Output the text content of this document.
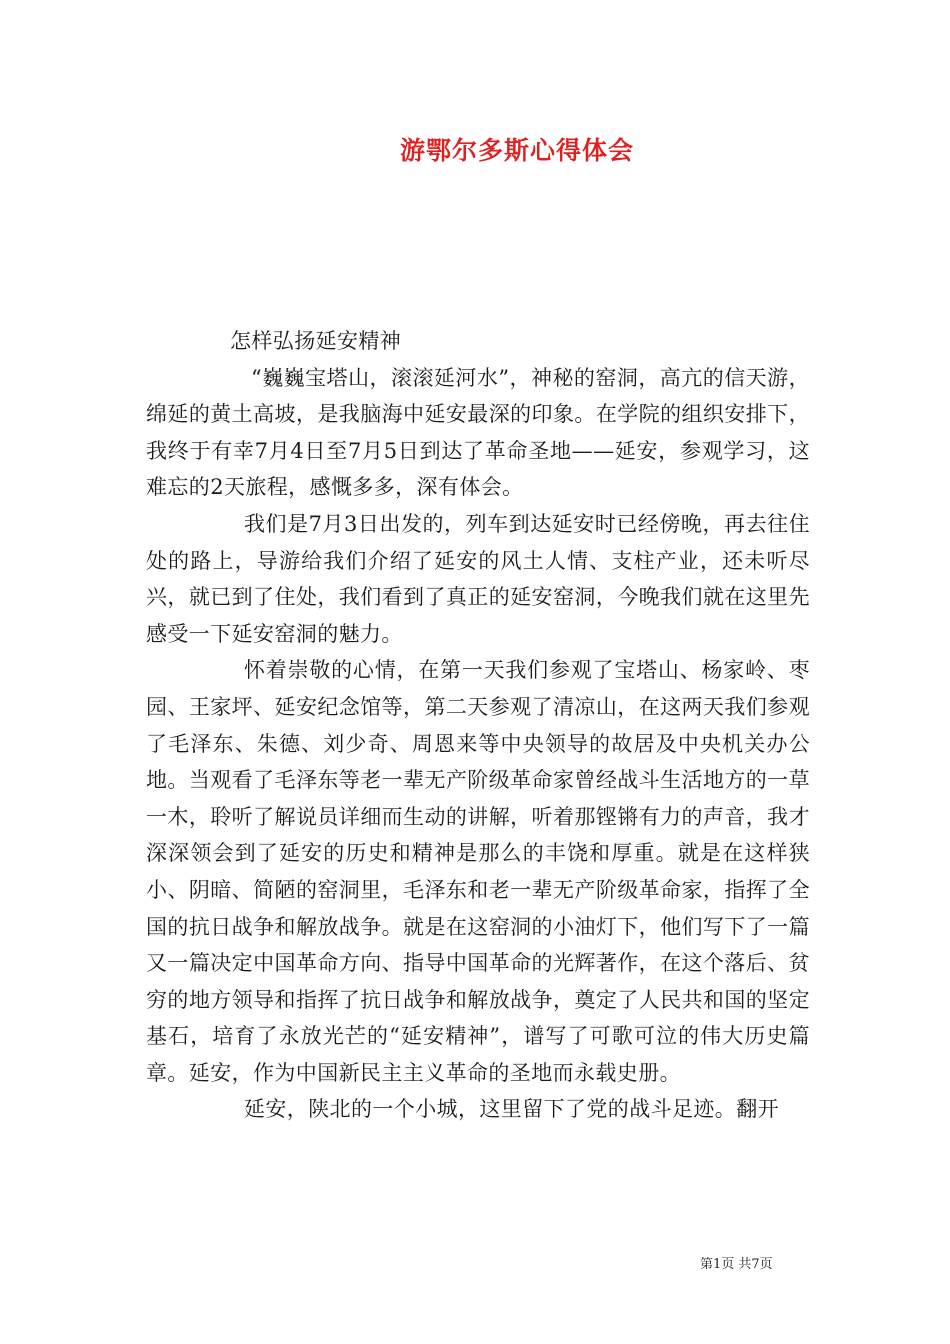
游鄂尔多斯心得体会

怎样弘扬延安精神

“巍巍宝塔山，滚滚延河水”，神秘的窑洞，高亢的信天游，绵延的黄土高坡，是我脑海中延安最深的印象。在学院的组织安排下，我终于有幸7月4日至7月5日到达了革命圣地——延安，参观学习，这难忘的2天旅程，感慨多多，深有体会。

我们是7月3日出发的，列车到达延安时已经傍晚，再去往住处的路上，导游给我们介绍了延安的风土人情、支柱产业，还未听尽兴，就已到了住处，我们看到了真正的延安窑洞，今晚我们就在这里先感受一下延安窑洞的魅力。

怀着崇敬的心情，在第一天我们参观了宝塔山、杨家岭、枣园、王家坪、延安纪念馆等，第二天参观了清凉山，在这两天我们参观了毛泽东、朱德、刘少奇、周恩来等中央领导的故居及中央机关办公地。当观看了毛泽东等老一辈无产阶级革命家曾经战斗生活地方的一草一木，聆听了解说员详细而生动的讲解，听着那铿锵有力的声音，我才深深领会到了延安的历史和精神是那么的丰饶和厚重。就是在这样狭小、阴暗、简陋的窑洞里，毛泽东和老一辈无产阶级革命家，指挥了全国的抗日战争和解放战争。就是在这窑洞的小油灯下，他们写下了一篇又一篇决定中国革命方向、指导中国革命的光辉著作，在这个落后、贫穷的地方领导和指挥了抗日战争和解放战争，奠定了人民共和国的坚定基石，培育了永放光芒的“延安精神”，谱写了可歌可泣的伟大历史篇章。延安，作为中国新民主主义革命的圣地而永载史册。

延安，陕北的一个小城，这里留下了党的战斗足迹。翻开

第1页 共7页
